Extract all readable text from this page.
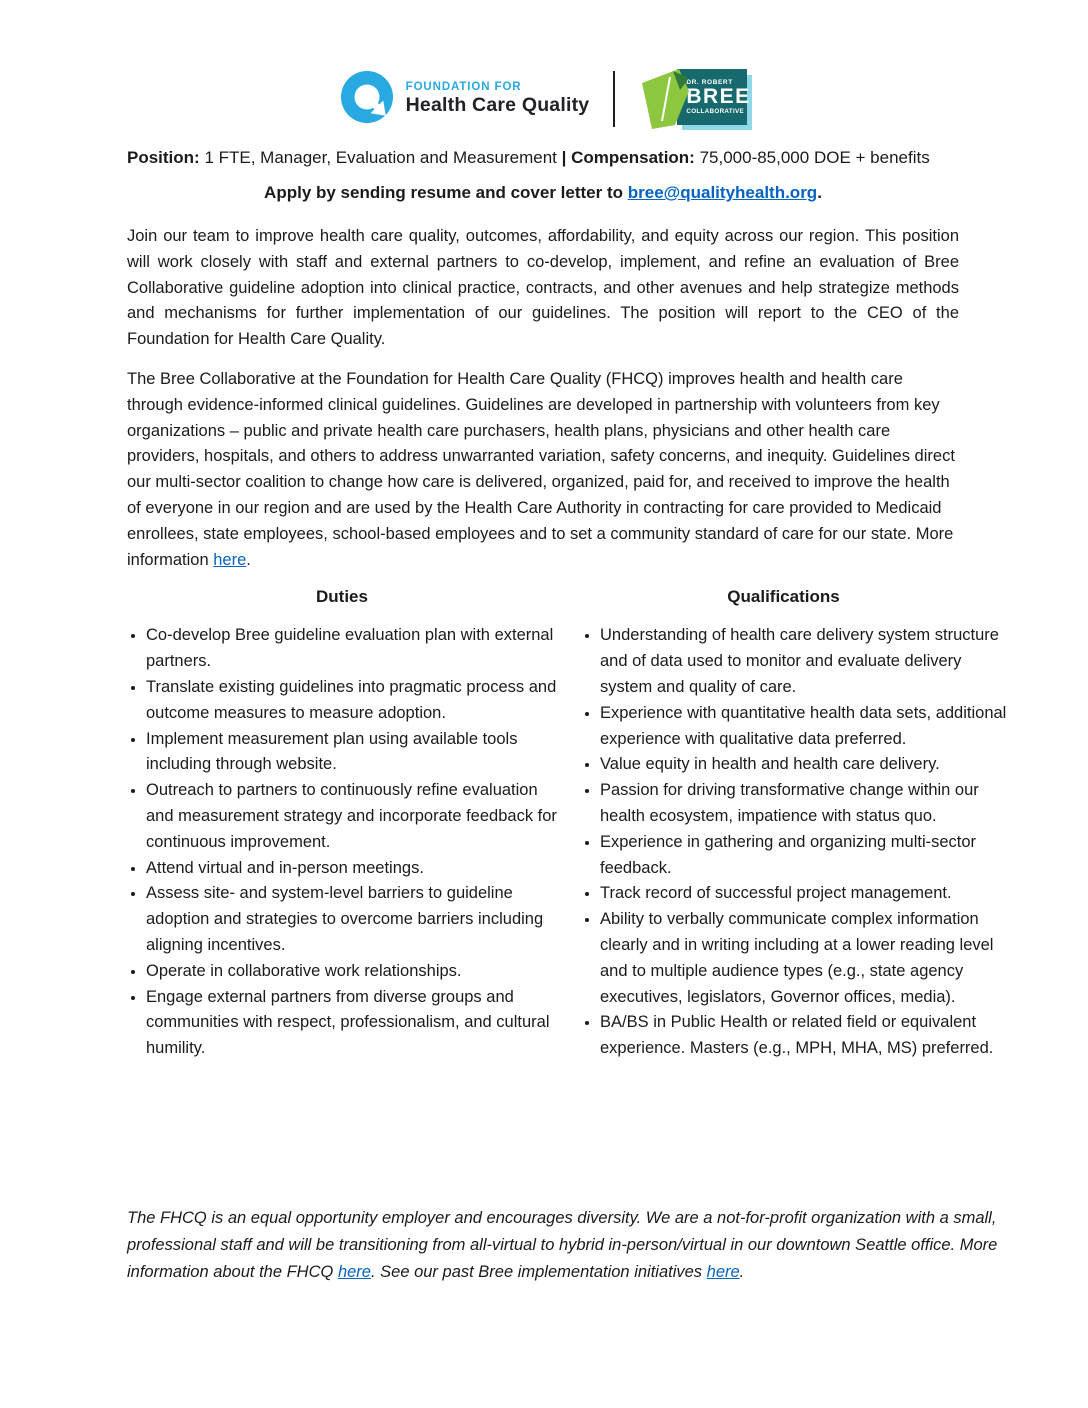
FOUNDATION FOR
Health Care Quality
DR. ROBERT
BREE
COLLABORATIVE
Position: 1 FTE, Manager, Evaluation and Measurement | Compensation: 75,000-85,000 DOE + benefits
Apply by sending resume and cover letter to bree@qualityhealth.org.
Join our team to improve health care quality, outcomes, affordability, and equity across our region. This position will work closely with staff and external partners to co-develop, implement, and refine an evaluation of Bree Collaborative guideline adoption into clinical practice, contracts, and other avenues and help strategize methods and mechanisms for further implementation of our guidelines. The position will report to the CEO of the Foundation for Health Care Quality.
The Bree Collaborative at the Foundation for Health Care Quality (FHCQ) improves health and health care through evidence-informed clinical guidelines. Guidelines are developed in partnership with volunteers from key organizations – public and private health care purchasers, health plans, physicians and other health care providers, hospitals, and others to address unwarranted variation, safety concerns, and inequity. Guidelines direct our multi-sector coalition to change how care is delivered, organized, paid for, and received to improve the health of everyone in our region and are used by the Health Care Authority in contracting for care provided to Medicaid enrollees, state employees, school-based employees and to set a community standard of care for our state. More information here.
Duties
• Co-develop Bree guideline evaluation plan with external partners.
• Translate existing guidelines into pragmatic process and outcome measures to measure adoption.
• Implement measurement plan using available tools including through website.
• Outreach to partners to continuously refine evaluation and measurement strategy and incorporate feedback for continuous improvement.
• Attend virtual and in-person meetings.
• Assess site- and system-level barriers to guideline adoption and strategies to overcome barriers including aligning incentives.
• Operate in collaborative work relationships.
• Engage external partners from diverse groups and communities with respect, professionalism, and cultural humility.
Qualifications
• Understanding of health care delivery system structure and of data used to monitor and evaluate delivery system and quality of care.
• Experience with quantitative health data sets, additional experience with qualitative data preferred.
• Value equity in health and health care delivery.
• Passion for driving transformative change within our health ecosystem, impatience with status quo.
• Experience in gathering and organizing multi-sector feedback.
• Track record of successful project management.
• Ability to verbally communicate complex information clearly and in writing including at a lower reading level and to multiple audience types (e.g., state agency executives, legislators, Governor offices, media).
• BA/BS in Public Health or related field or equivalent experience. Masters (e.g., MPH, MHA, MS) preferred.
The FHCQ is an equal opportunity employer and encourages diversity. We are a not-for-profit organization with a small, professional staff and will be transitioning from all-virtual to hybrid in-person/virtual in our downtown Seattle office. More information about the FHCQ here. See our past Bree implementation initiatives here.
